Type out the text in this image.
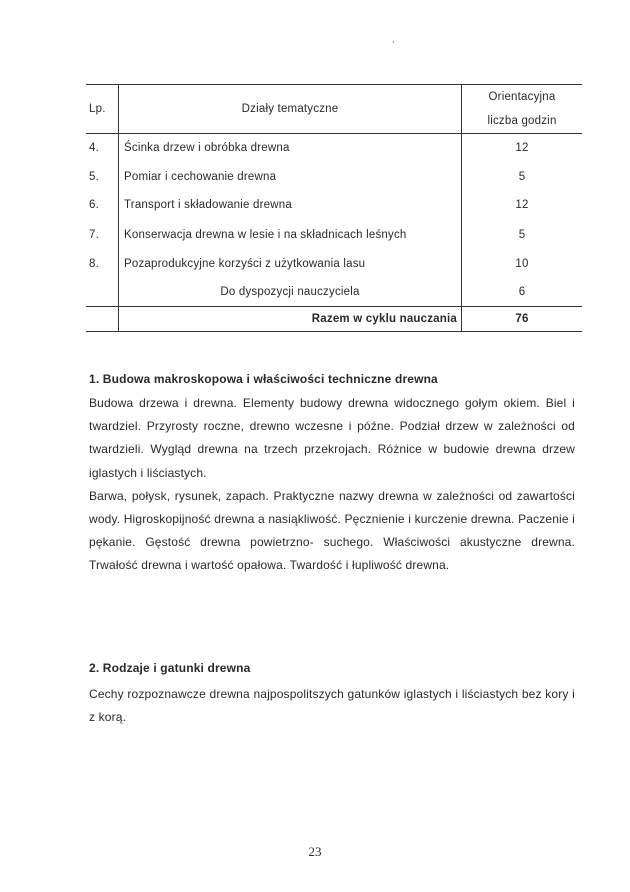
,
Lp.	Działy tematyczne	Orientacyjna
liczba godzin

4.	Ścinka drzew i obróbka drewna	12
5.	Pomiar i cechowanie drewna	5
6.	Transport i składowanie drewna	12
7.	Konserwacja drewna w lesie i na składnicach leśnych	5
8.	Pozaprodukcyjne korzyści z użytkowania lasu	10
	Do dyspozycji nauczyciela	6
	Razem w cyklu nauczania	76
1. Budowa makroskopowa i właściwości techniczne drewna
Budowa drzewa i drewna. Elementy budowy drewna widocznego gołym okiem. Biel i twardziel. Przyrosty roczne, drewno wczesne i późne. Podział drzew w zależności od twardzieli. Wygląd drewna na trzech przekrojach. Różnice w budowie drewna drzew iglastych i liściastych.
Barwa, połysk, rysunek, zapach. Praktyczne nazwy drewna w zależności od zawartości wody. Higroskopijność drewna a nasiąkliwość. Pęcznienie i kurczenie drewna. Paczenie i pękanie. Gęstość drewna powietrzno- suchego. Właściwości akustyczne drewna. Trwałość drewna i wartość opałowa. Twardość i łupliwość drewna.
2. Rodzaje i gatunki drewna
Cechy rozpoznawcze drewna najpospolitszych gatunków iglastych i liściastych bez kory i z korą.
23
